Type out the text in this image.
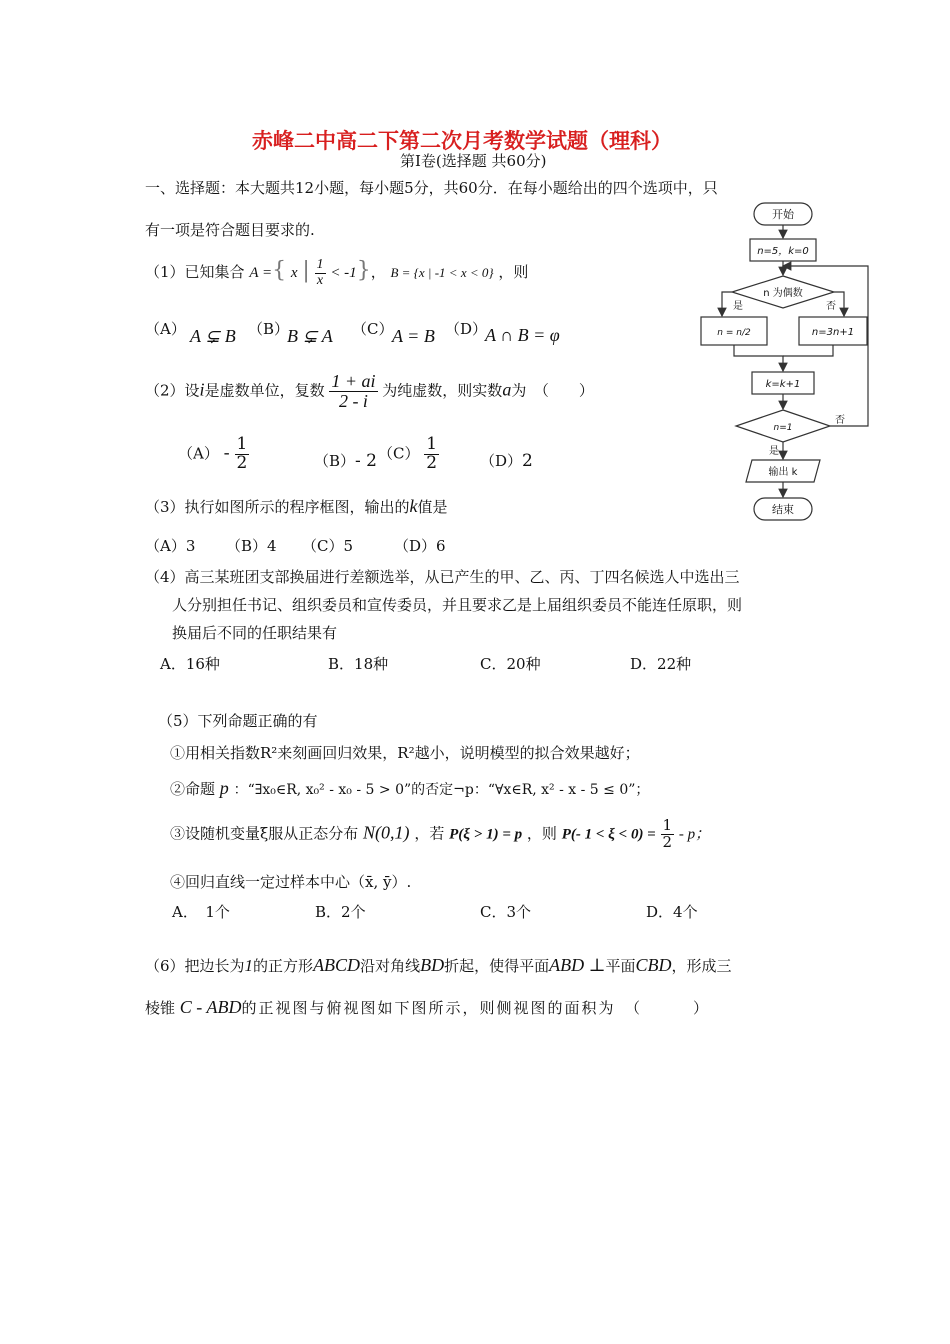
赤峰二中高二下第二次月考数学试题（理科）
第Ⅰ卷(选择题 共60分)
一、选择题：本大题共12小题，每小题5分，共60分．在每小题给出的四个选项中，只
有一项是符合题目要求的.
（1）已知集合 A ={ x | $\frac{1}{x} < -1$}， B = {x | -1 < x < 0} ，则
（A） A ⊊ B （B）
B ⊊ A （C）
A = B （D）
A ∩ B = φ
（2）设i是虚数单位，复数 $\frac{1 + ai}{2 - i}$ 为纯虚数，则实数a为　（　　）
$(A) - \frac{1}{2}$	（B）- 2 $(C) \frac{1}{2}$	（D）2
（3）执行如图所示的程序框图，输出的k值是
（A）3 （B）4 （C）5	（D）6
（4）高三某班团支部换届进行差额选举，从已产生的甲、乙、丙、丁四名候选人中选出三
人分别担任书记、组织委员和宣传委员，并且要求乙是上届组织委员不能连任原职，则
换届后不同的任职结果有
A．16种	B．18种	C．20种	D．22种
（5）下列命题正确的有
①用相关指数R²来刻画回归效果，R²越小，说明模型的拟合效果越好；
②命题 p ：“∃x₀∈R, x₀² - x₀ - 5 > 0”的否定¬p：“∀x∈R, x² - x - 5 ≤ 0”；
③设随机变量ξ服从正态分布 N(0,1) ，若 P(ξ > 1) = p ，则 P(- $1 < \xi < 0) = \frac{1}{2} - p$；
④回归直线一定过样本中心（x̄, ȳ）.
A．　1个	B．2个	C．3个	D．4个
（6）把边长为1的正方形ABCD沿对角线BD折起，使得平面ABD ⊥平面CBD，形成三
棱锥 C - ABD的正视图与俯视图如下图所示，则侧视图的面积为　（　　　）
开始
n=5，k=0
n 为偶数
是	否
n = n/2	n=3n+1
k=k+1
n=1
否
是
输出 k
结束
